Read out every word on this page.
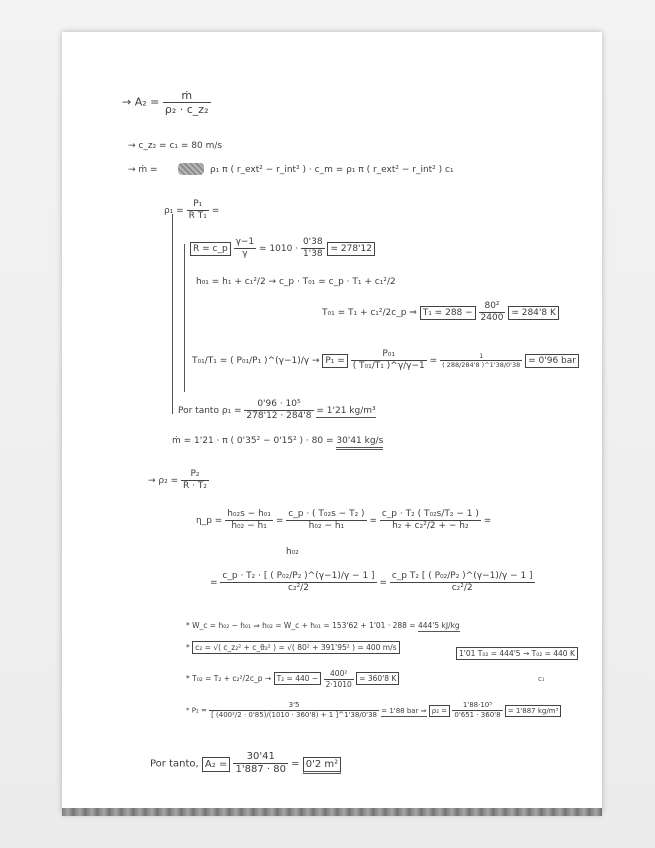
→ $A_2 = \frac{\text{ṁ}}{\text{ρ₂ · c\_z₂}}$
→ c_z₂ = c₁ = 80 m/s
→ ṁ =	ρ₁ π ( r_ext² − r_int² ) · c_m = ρ₁ π ( r_ext² − r_int² ) c₁
$\rho_1 = \frac{\text{P₁}}{\text{R T₁}}$ =
R = c_p $\frac{\gamma-1}{\gamma} = 1010 \cdot \frac{0'38}{1'38} = 278'12$
h₀₁ = h₁ + c₁²/2 → c_p · T₀₁ = c_p · T₁ + c₁²/2
T₀₁ = T₁ + c₁²/2c_p ⇒ $T_1 = 288 - \frac{\text{80²}}{2400} = 284'8$ K
T₀₁/T₁ = ( P₀₁/P₁ )^(γ−1)/γ → $P_1 = \frac{\text{P₀₁}}{\text{( T₀₁/T₁ )\textasciicircum{}γ/γ−1}} = \frac{1}{( 288/284'8 )\^{}1'38/0'38} = 0'96$ bar
Por tanto $\rho_1 = \frac{\text{0'96 · 10⁵}}{278'12 \cdot 284'8} = 1'21$ kg/m³
ṁ = 1'21 · π ( 0'35² − 0'15² ) · 80 = 30'41 kg/s
→ $\rho_2 = \frac{\text{P₂}}{\text{R · T₂}}$
η_p = $\frac{\text{h₀₂s − h₀₁}}{\text{h₀₂ − h₁}} = \frac{\text{c\_p · ( T₀₂s − T₂ )}}{\text{h₀₂ − h₁}} = \frac{\text{c\_p · T₂ ( T₀₂s/T₂ − 1 )}}{\text{h₂ + c₂²/2 + − h₂}}$ =
h₀₂
= $\frac{\text{c\_p · T₂ · [ ( P₀₂/P₂ )\textasciicircum{}(γ−1)/γ − 1 ]}}{\text{c₂²/2}} = \frac{\text{c\_p T₂ [ ( P₀₂/P₂ )\textasciicircum{}(γ−1)/γ − 1 ]}}{\text{c₂²/2}}$
* W_c = h₀₂ − h₀₁ ⇒ h₀₂ = W_c + h₀₁ = 153'62 + 1'01 · 288 = 444'5 kJ/kg
* c₂ = √( c_z₂² + c_θ₂² ) = √( 80² + 391'95² ) = 400 m/s
1'01 T₀₂ = 444'5 → T₀₂ = 440 K
* T₀₂ = T₂ + c₂²/2c_p → $T_2 = 440 - \frac{\text{400²}}{2\cdot 1010} = 360'8$ K	c₁
* $P_2 = \frac{3'5}{\text{[ (400²/2 · 0'85)/(1010 · 360'8) + 1 ]\textasciicircum{}1'38/0'38}} = 1'88$ bar ⇒ $\rho_2 = \frac{\text{1'88·10⁵}}{0'651 \cdot 360'8} = 1'887$ kg/m³
Por tanto, $A_2 = \frac{30'41}{1'887 \cdot 80} = 0'2$ m²
